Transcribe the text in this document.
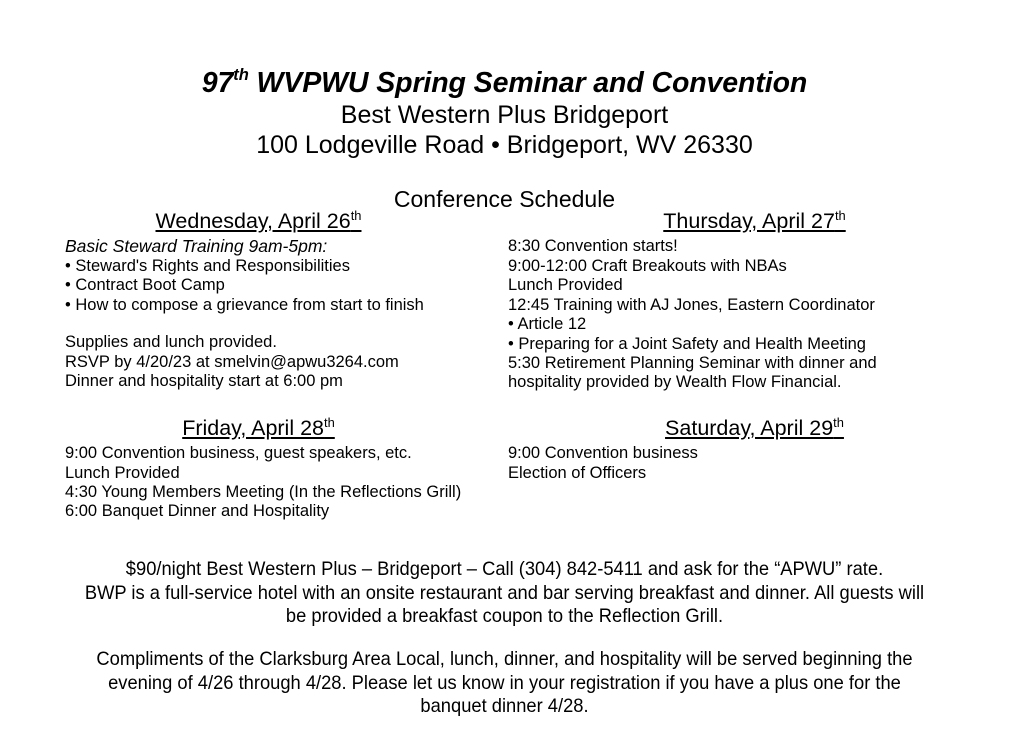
97th WVPWU Spring Seminar and Convention
Best Western Plus Bridgeport
100 Lodgeville Road • Bridgeport, WV 26330
Conference Schedule
Wednesday, April 26th
Basic Steward Training 9am-5pm:
• Steward's Rights and Responsibilities
• Contract Boot Camp
• How to compose a grievance from start to finish
Supplies and lunch provided.
RSVP by 4/20/23 at smelvin@apwu3264.com
Dinner and hospitality start at 6:00 pm
Thursday, April 27th
8:30 Convention starts!
9:00-12:00 Craft Breakouts with NBAs
Lunch Provided
12:45 Training with AJ Jones, Eastern Coordinator
• Article 12
• Preparing for a Joint Safety and Health Meeting
5:30 Retirement Planning Seminar with dinner and
hospitality provided by Wealth Flow Financial.
Friday, April 28th
9:00 Convention business, guest speakers, etc.
Lunch Provided
4:30 Young Members Meeting (In the Reflections Grill)
6:00 Banquet Dinner and Hospitality
Saturday, April 29th
9:00 Convention business
Election of Officers
$90/night Best Western Plus – Bridgeport – Call (304) 842-5411 and ask for the “APWU” rate.
BWP is a full-service hotel with an onsite restaurant and bar serving breakfast and dinner. All guests will
be provided a breakfast coupon to the Reflection Grill.
Compliments of the Clarksburg Area Local, lunch, dinner, and hospitality will be served beginning the
evening of 4/26 through 4/28. Please let us know in your registration if you have a plus one for the
banquet dinner 4/28.
